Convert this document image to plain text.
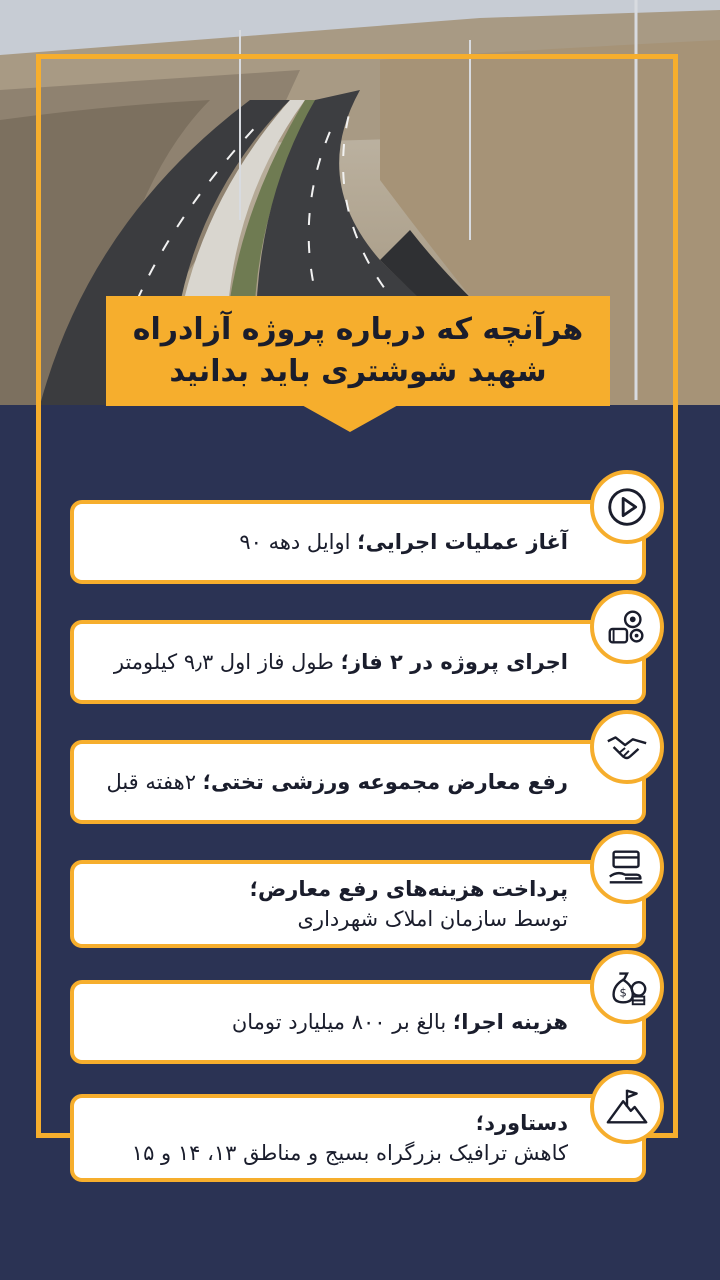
هرآنچه که درباره پروژه آزادراه
شهید شوشتری باید بدانید
آغاز عملیات اجرایی؛ اوایل دهه ۹۰
اجرای پروژه در ۲ فاز؛ طول فاز اول ۹٫۳ کیلومتر
رفع معارض مجموعه ورزشی تختی؛ ۲هفته قبل
پرداخت هزینه‌های رفع معارض؛
توسط سازمان املاک شهرداری
هزینه اجرا؛ بالغ بر ۸۰۰ میلیارد تومان
$
دستاورد؛
کاهش ترافیک بزرگراه بسیج و مناطق ۱۳، ۱۴ و ۱۵
